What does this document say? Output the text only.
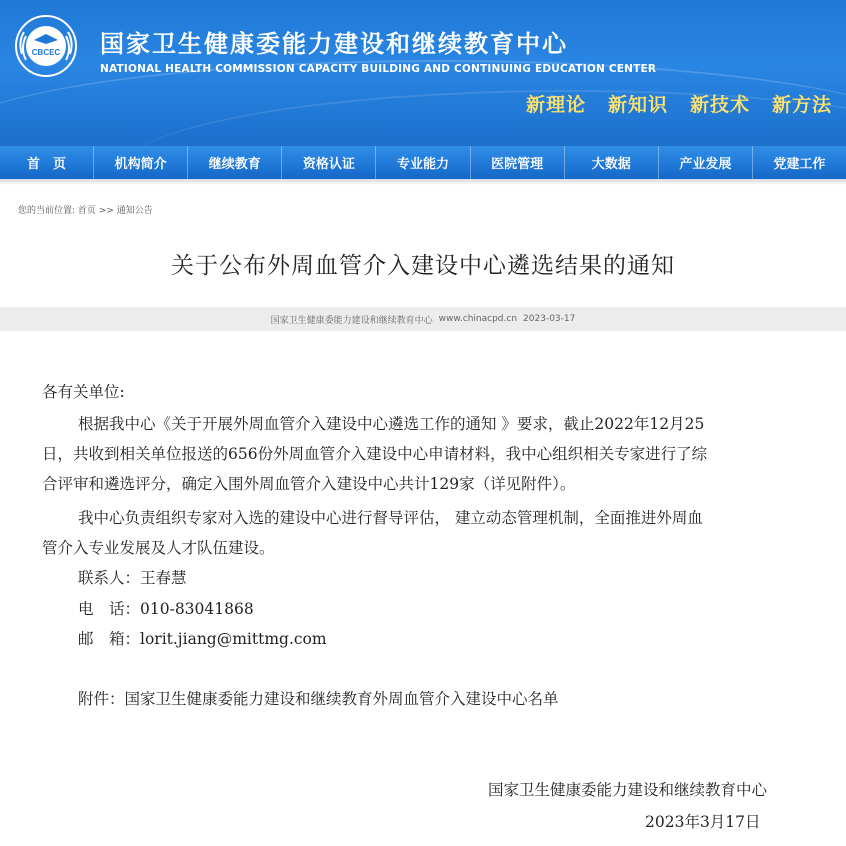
CBCEC 国家卫生健康委能力建设和继续教育中心
NATIONAL HEALTH COMMISSION CAPACITY BUILDING AND CONTINUING EDUCATION CENTER
新理论 新知识 新技术 新方法
首　页	机构简介	继续教育	资格认证	专业能力	医院管理	大数据	产业发展	党建工作
您的当前位置: 首页 >> 通知公告
关于公布外周血管介入建设中心遴选结果的通知
国家卫生健康委能力建设和继续教育中心 www.chinacpd.cn 2023-03-17
各有关单位:
根据我中心《关于开展外周血管介入建设中心遴选工作的通知 》要求，截止2022年12月25
日，共收到相关单位报送的656份外周血管介入建设中心申请材料，我中心组织相关专家进行了综
合评审和遴选评分，确定入围外周血管介入建设中心共计129家（详见附件）。
我中心负责组织专家对入选的建设中心进行督导评估， 建立动态管理机制，全面推进外周血
管介入专业发展及人才队伍建设。
联系人：王春慧
电　话：010-83041868
邮　箱：lorit.jiang@mittmg.com
附件：国家卫生健康委能力建设和继续教育外周血管介入建设中心名单
国家卫生健康委能力建设和继续教育中心
2023年3月17日
